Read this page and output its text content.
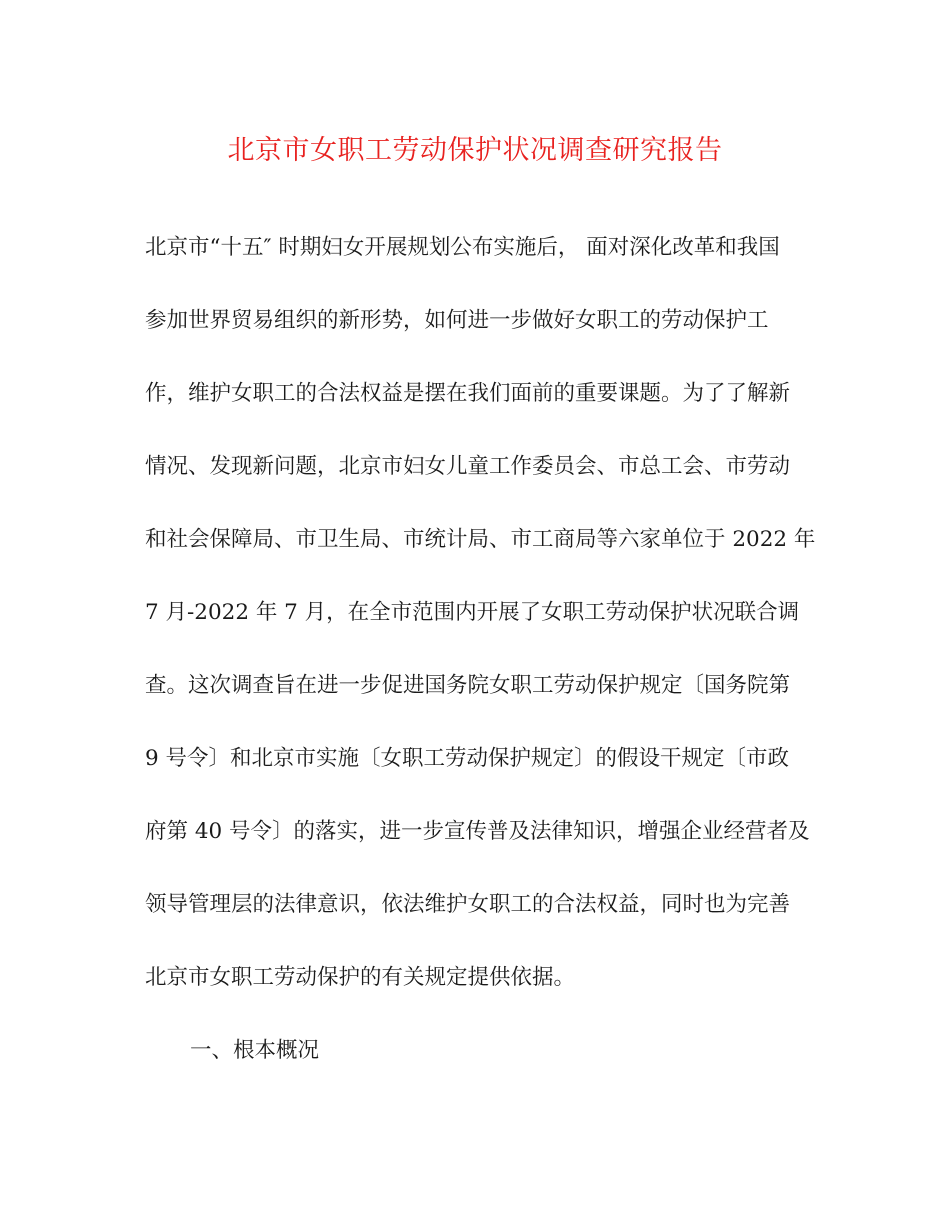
北京市女职工劳动保护状况调查研究报告
北京市“十五″ 时期妇女开展规划公布实施后， 面对深化改革和我国
参加世界贸易组织的新形势，如何进一步做好女职工的劳动保护工
作，维护女职工的合法权益是摆在我们面前的重要课题。为了了解新
情况、发现新问题，北京市妇女儿童工作委员会、市总工会、市劳动
和社会保障局、市卫生局、市统计局、市工商局等六家单位于 2022 年
7 月-2022 年 7 月，在全市范围内开展了女职工劳动保护状况联合调
查。这次调查旨在进一步促进国务院女职工劳动保护规定〔国务院第
9 号令〕和北京市实施〔女职工劳动保护规定〕的假设干规定〔市政
府第 40 号令〕的落实，进一步宣传普及法律知识，增强企业经营者及
领导管理层的法律意识，依法维护女职工的合法权益，同时也为完善
北京市女职工劳动保护的有关规定提供依据。
一、根本概况
